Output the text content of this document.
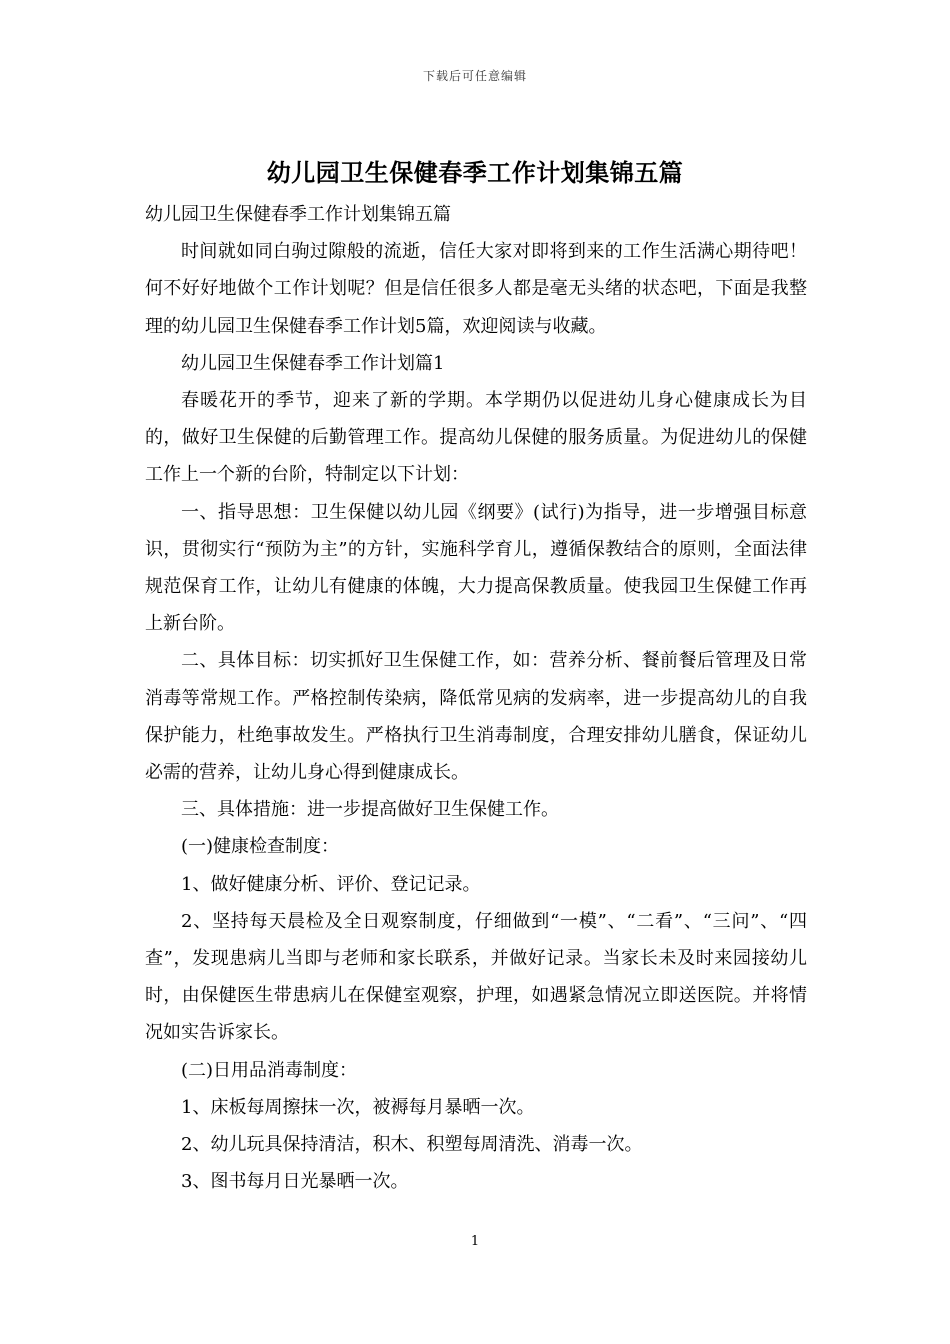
下载后可任意编辑
幼儿园卫生保健春季工作计划集锦五篇

幼儿园卫生保健春季工作计划集锦五篇

时间就如同白驹过隙般的流逝，信任大家对即将到来的工作生活满心期待吧！何不好好地做个工作计划呢？但是信任很多人都是毫无头绪的状态吧，下面是我整理的幼儿园卫生保健春季工作计划5篇，欢迎阅读与收藏。

幼儿园卫生保健春季工作计划篇1

春暖花开的季节，迎来了新的学期。本学期仍以促进幼儿身心健康成长为目的，做好卫生保健的后勤管理工作。提高幼儿保健的服务质量。为促进幼儿的保健工作上一个新的台阶，特制定以下计划：

一、指导思想：卫生保健以幼儿园《纲要》(试行)为指导，进一步增强目标意识，贯彻实行“预防为主”的方针，实施科学育儿，遵循保教结合的原则，全面法律规范保育工作，让幼儿有健康的体魄，大力提高保教质量。使我园卫生保健工作再上新台阶。

二、具体目标：切实抓好卫生保健工作，如：营养分析、餐前餐后管理及日常消毒等常规工作。严格控制传染病，降低常见病的发病率，进一步提高幼儿的自我保护能力，杜绝事故发生。严格执行卫生消毒制度，合理安排幼儿膳食，保证幼儿必需的营养，让幼儿身心得到健康成长。

三、具体措施：进一步提高做好卫生保健工作。

(一)健康检查制度：

1、做好健康分析、评价、登记记录。

2、坚持每天晨检及全日观察制度，仔细做到“一模”、“二看”、“三问”、“四查”，发现患病儿当即与老师和家长联系，并做好记录。当家长未及时来园接幼儿时，由保健医生带患病儿在保健室观察，护理，如遇紧急情况立即送医院。并将情况如实告诉家长。

(二)日用品消毒制度：

1、床板每周擦抹一次，被褥每月暴晒一次。

2、幼儿玩具保持清洁，积木、积塑每周清洗、消毒一次。

3、图书每月日光暴晒一次。

1
